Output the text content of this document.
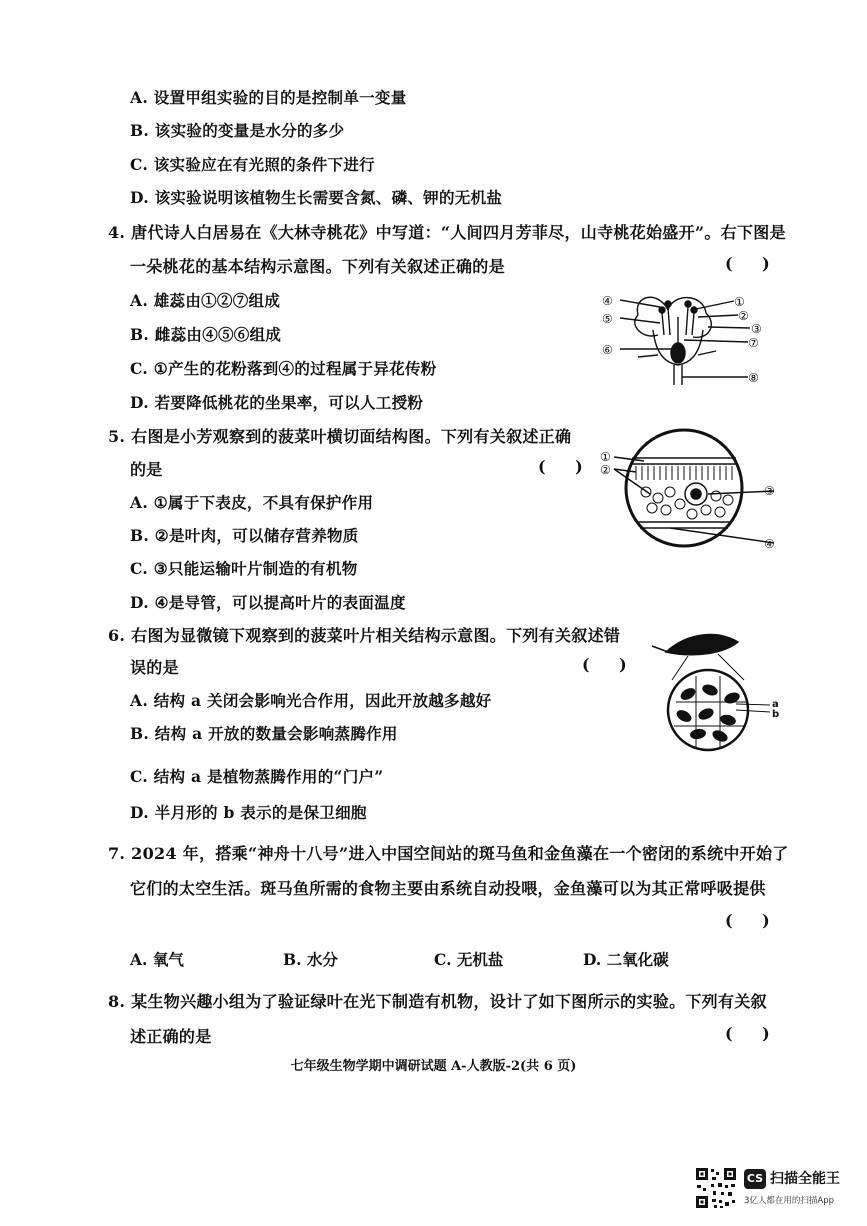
A. 设置甲组实验的目的是控制单一变量
B. 该实验的变量是水分的多少
C. 该实验应在有光照的条件下进行
D. 该实验说明该植物生长需要含氮、磷、钾的无机盐
4. 唐代诗人白居易在《大林寺桃花》中写道：“人间四月芳菲尽，山寺桃花始盛开”。右下图是
一朵桃花的基本结构示意图。下列有关叙述正确的是	( )
A. 雄蕊由①②⑦组成
B. 雌蕊由④⑤⑥组成
C. ①产生的花粉落到④的过程属于异花传粉
D. 若要降低桃花的坐果率，可以人工授粉
④
⑤
⑥
①
②
③
⑦
⑧
5. 右图是小芳观察到的菠菜叶横切面结构图。下列有关叙述正确
的是	( )
A. ①属于下表皮，不具有保护作用
B. ②是叶肉，可以储存营养物质
C. ③只能运输叶片制造的有机物
D. ④是导管，可以提高叶片的表面温度
①
②
③
④
6. 右图为显微镜下观察到的菠菜叶片相关结构示意图。下列有关叙述错
误的是	( )
A. 结构 a 关闭会影响光合作用，因此开放越多越好
B. 结构 a 开放的数量会影响蒸腾作用
C. 结构 a 是植物蒸腾作用的“门户”
D. 半月形的 b 表示的是保卫细胞
a
b
7. 2024 年，搭乘“神舟十八号”进入中国空间站的斑马鱼和金鱼藻在一个密闭的系统中开始了
它们的太空生活。斑马鱼所需的食物主要由系统自动投喂，金鱼藻可以为其正常呼吸提供
( )
A. 氧气	B. 水分	C. 无机盐	D. 二氧化碳
8. 某生物兴趣小组为了验证绿叶在光下制造有机物，设计了如下图所示的实验。下列有关叙
述正确的是	( )
七年级生物学期中调研试题 A-人教版-2(共 6 页)
CS 扫描全能王
3亿人都在用的扫描App
